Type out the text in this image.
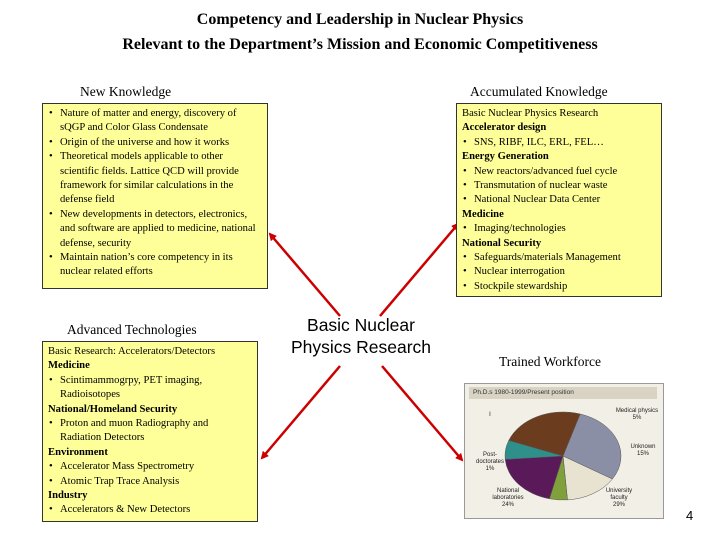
Competency and Leadership in Nuclear Physics
Relevant to the Department’s Mission and Economic Competitiveness
New Knowledge
• Nature of matter and energy, discovery of sQGP and Color Glass Condensate
• Origin of the universe and how it works
• Theoretical models applicable to other scientific fields. Lattice QCD will provide framework for similar calculations in the defense field
• New developments in detectors, electronics, and software are applied to medicine, national defense, security
• Maintain nation’s core competency in its nuclear related efforts
Accumulated Knowledge
Basic Nuclear Physics Research
Accelerator design
• SNS, RIBF, ILC, ERL, FEL…
Energy Generation
• New reactors/advanced fuel cycle
• Transmutation of nuclear waste
• National Nuclear Data Center
Medicine
• Imaging/technologies
National Security
• Safeguards/materials Management
• Nuclear interrogation
• Stockpile stewardship
Basic Nuclear
Physics Research
Advanced Technologies
Basic Research: Accelerators/Detectors
Medicine
• Scintimammogrpy, PET imaging, Radioisotopes
National/Homeland Security
• Proton and muon Radiography and Radiation Detectors
Environment
• Accelerator Mass Spectrometry
• Atomic Trap Trace Analysis
Industry
• Accelerators & New Detectors
Trained Workforce
Ph.D.s 1980-1999/Present position
Medical physics
5%
I
Post-
doctorates
1%
Unknown
15%
National
laboratories
24%
University
faculty
29%
4
